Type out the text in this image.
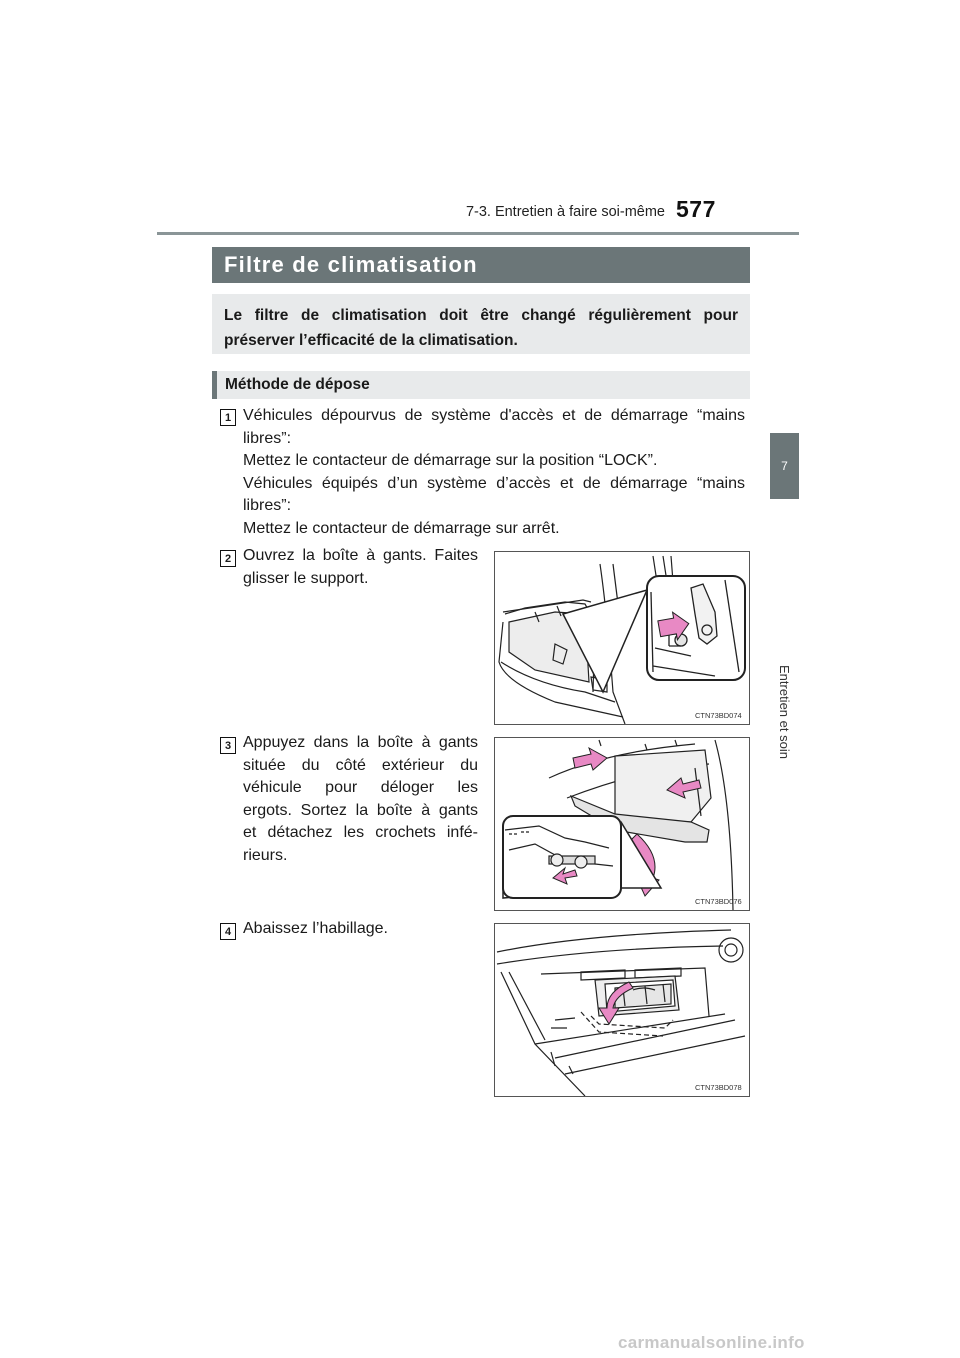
7-3. Entretien à faire soi-même 577
7
Entretien et soin
Filtre de climatisation
Le filtre de climatisation doit être changé régulièrement pour
préserver l’efficacité de la climatisation.
Méthode de dépose
1 Véhicules dépourvus de système d'accès et de démarrage “mains
libres”:
Mettez le contacteur de démarrage sur la position “LOCK”.
Véhicules équipés d’un système d’accès et de démarrage “mains
libres”:
Mettez le contacteur de démarrage sur arrêt.
2 Ouvrez la boîte à gants. Faites
glisser le support.
CTN73BD074
3 Appuyez dans la boîte à gants
située du côté extérieur du
véhicule pour déloger les
ergots. Sortez la boîte à gants
et détachez les crochets infé-
rieurs.
CTN73BD076
4 Abaissez l’habillage.
CTN73BD078
carmanualsonline.info
